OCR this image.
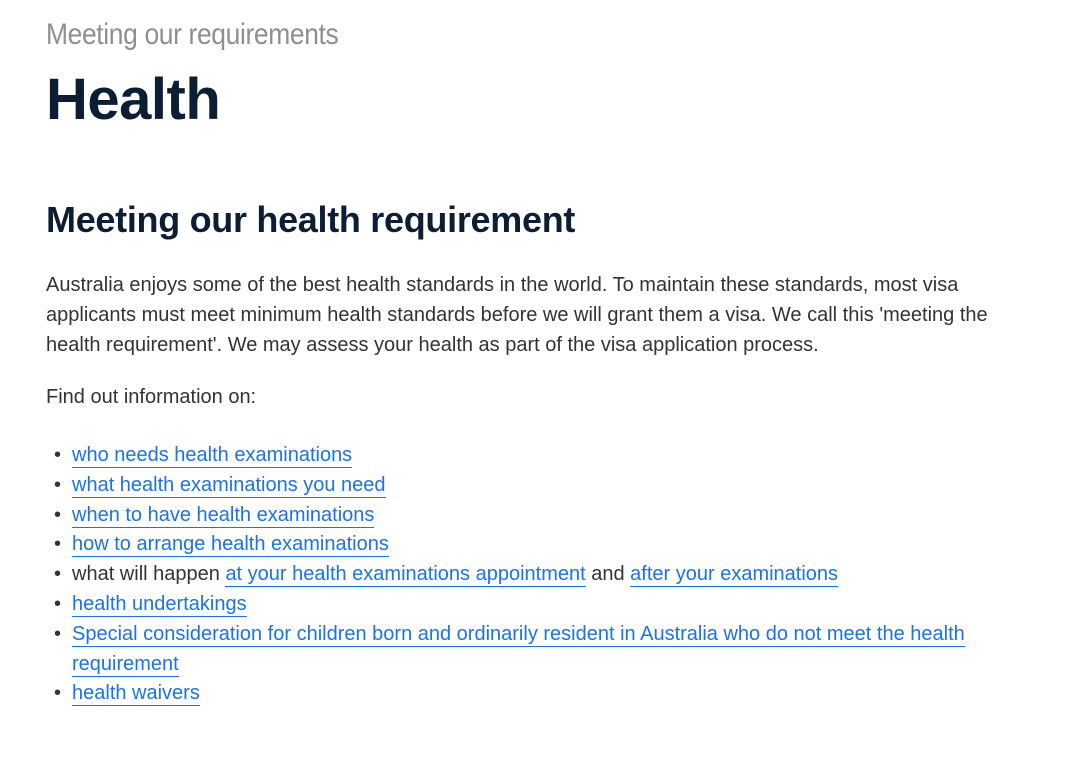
Meeting our requirements
Health
Meeting our health requirement

Australia enjoys some of the best health standards in the world. To maintain these standards, most visa applicants must meet minimum health standards before we will grant them a visa. We call this 'meeting the health requirement'. We may assess your health as part of the visa application process.

Find out information on:

• who needs health examinations
• what health examinations you need
• when to have health examinations
• how to arrange health examinations
• what will happen at your health examinations appointment and after your examinations
• health undertakings
• Special consideration for children born and ordinarily resident in Australia who do not meet the health requirement
• health waivers
